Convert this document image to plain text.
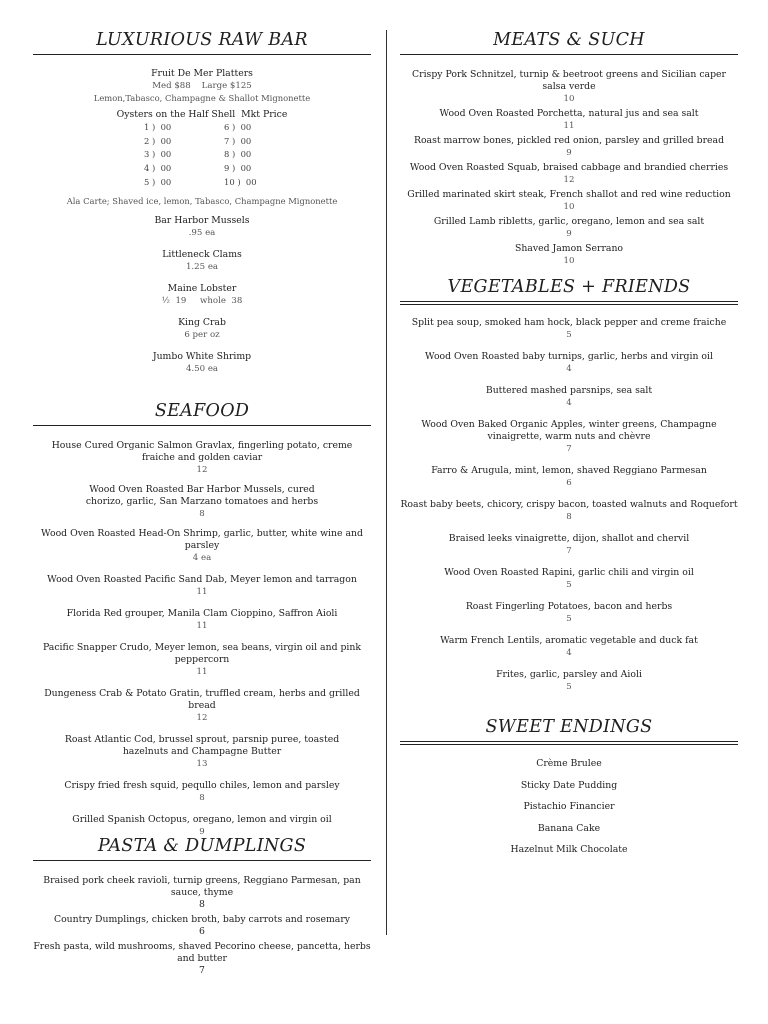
LUXURIOUS RAW BAR
Fruit De Mer Platters
Med $88    Large $125
Lemon,Tabasco, Champagne & Shallot Mignonette
Oysters on the Half Shell  Mkt Price
1 )  00	6 )  00
2 )  00	7 )  00
3 )  00	8 )  00
4 )  00	9 )  00
5 )  00	10 )  00
Ala Carte; Shaved ice, lemon, Tabasco, Champagne Mignonette
Bar Harbor Mussels
.95 ea
Littleneck Clams
1.25 ea
Maine Lobster
½  19     whole  38
King Crab
6 per oz
Jumbo White Shrimp
4.50 ea
SEAFOOD
House Cured Organic Salmon Gravlax, fingerling potato, creme fraiche and golden caviar
12
Wood Oven Roasted Bar Harbor Mussels, cured chorizo, garlic, San Marzano tomatoes and herbs
8
Wood Oven Roasted Head-On Shrimp, garlic, butter, white wine and parsley
4 ea
Wood Oven Roasted Pacific Sand Dab, Meyer lemon and tarragon
11
Florida Red grouper, Manila Clam Cioppino, Saffron Aioli
11
Pacific Snapper Crudo, Meyer lemon, sea beans, virgin oil and pink peppercorn
11
Dungeness Crab & Potato Gratin, truffled cream, herbs and grilled bread
12
Roast Atlantic Cod, brussel sprout, parsnip puree, toasted hazelnuts and Champagne Butter
13
Crispy fried fresh squid, pequllo chiles, lemon and parsley
8
Grilled Spanish Octopus, oregano, lemon and virgin oil
9
PASTA & DUMPLINGS
Braised pork cheek ravioli, turnip greens, Reggiano Parmesan, pan sauce, thyme
8
Country Dumplings, chicken broth, baby carrots and rosemary
6
Fresh pasta, wild mushrooms, shaved Pecorino cheese, pancetta, herbs and butter
7
MEATS & SUCH
Crispy Pork Schnitzel, turnip & beetroot greens and Sicilian caper salsa verde
10
Wood Oven Roasted Porchetta, natural jus and sea salt
11
Roast marrow bones, pickled red onion, parsley and grilled bread
9
Wood Oven Roasted Squab, braised cabbage and brandied cherries
12
Grilled marinated skirt steak, French shallot and red wine reduction
10
Grilled Lamb ribletts, garlic, oregano, lemon and sea salt
9
Shaved Jamon Serrano
10
VEGETABLES + FRIENDS
Split pea soup, smoked ham hock, black pepper and creme fraiche
5
Wood Oven Roasted baby turnips, garlic, herbs and virgin oil
4
Buttered mashed parsnips, sea salt
4
Wood Oven Baked Organic Apples, winter greens, Champagne vinaigrette, warm nuts and chèvre
7
Farro & Arugula, mint, lemon, shaved Reggiano Parmesan
6
Roast baby beets, chicory, crispy bacon, toasted walnuts and Roquefort
8
Braised leeks vinaigrette, dijon, shallot and chervil
7
Wood Oven Roasted Rapini, garlic chili and virgin oil
5
Roast Fingerling Potatoes, bacon and herbs
5
Warm French Lentils, aromatic vegetable and duck fat
4
Frites, garlic, parsley and Aioli
5
SWEET ENDINGS
Crème Brulee
Sticky Date Pudding
Pistachio Financier
Banana Cake
Hazelnut Milk Chocolate
